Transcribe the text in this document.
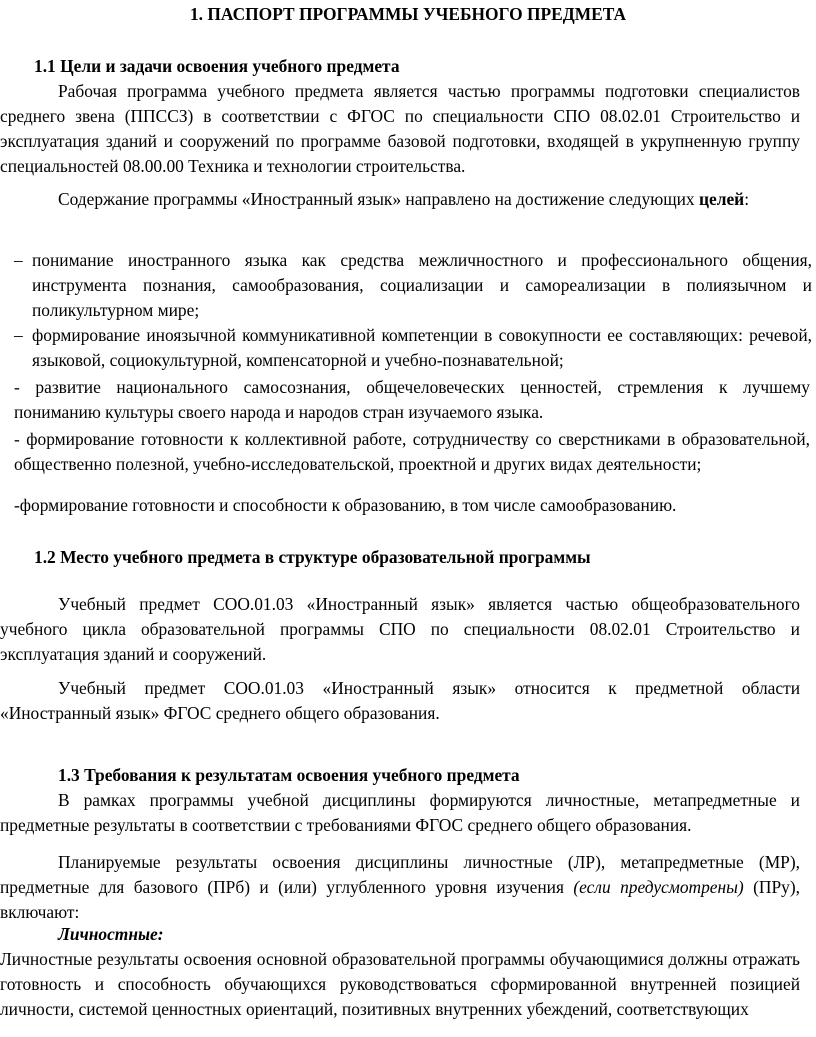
1. ПАСПОРТ ПРОГРАММЫ УЧЕБНОГО ПРЕДМЕТА
1.1 Цели и задачи освоения учебного предмета

Рабочая программа учебного предмета является частью программы подготовки специалистов среднего звена (ППССЗ) в соответствии с ФГОС по специальности СПО 08.02.01 Строительство и эксплуатация зданий и сооружений по программе базовой подготовки, входящей в укрупненную группу специальностей 08.00.00 Техника и технологии строительства.

Содержание программы «Иностранный язык» направлено на достижение следующих целей:

– понимание иностранного языка как средства межличностного и профессионального общения, инструмента познания, самообразования, социализации и самореализации в полиязычном и поликультурном мире;
– формирование иноязычной коммуникативной компетенции в совокупности ее составляющих: речевой, языковой, социокультурной, компенсаторной и учебно-познавательной;

- развитие национального самосознания, общечеловеческих ценностей, стремления к лучшему пониманию культуры своего народа и народов стран изучаемого языка.

- формирование готовности к коллективной работе, сотрудничеству со сверстниками в образовательной, общественно полезной, учебно-исследовательской, проектной и других видах деятельности;

-формирование готовности и способности к образованию, в том числе самообразованию.

1.2 Место учебного предмета в структуре образовательной программы

Учебный предмет СОО.01.03 «Иностранный язык» является частью общеобразовательного учебного цикла образовательной программы СПО по специальности 08.02.01 Строительство и эксплуатация зданий и сооружений.

Учебный предмет СОО.01.03 «Иностранный язык» относится к предметной области «Иностранный язык» ФГОС среднего общего образования.

1.3 Требования к результатам освоения учебного предмета

В рамках программы учебной дисциплины формируются личностные, метапредметные и предметные результаты в соответствии с требованиями ФГОС среднего общего образования.

Планируемые результаты освоения дисциплины личностные (ЛР), метапредметные (МР), предметные для базового (ПРб) и (или) углубленного уровня изучения (если предусмотрены) (ПРу), включают:

Личностные:

Личностные результаты освоения основной образовательной программы обучающимися должны отражать готовность и способность обучающихся руководствоваться сформированной внутренней позицией личности, системой ценностных ориентаций, позитивных внутренних убеждений, соответствующих
